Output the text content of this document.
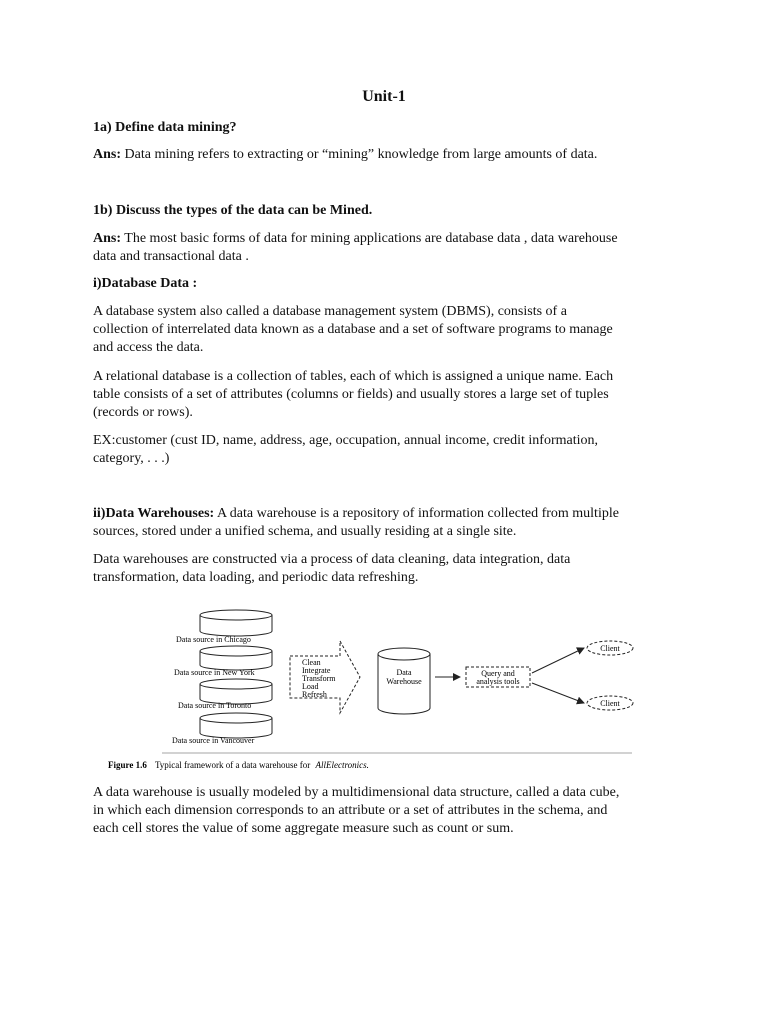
Unit-1
1a) Define data mining?
Ans: Data mining refers to extracting or “mining” knowledge from large amounts of data.
1b) Discuss the types of the data can be Mined.
Ans: The most basic forms of data for mining applications are database data , data warehouse
data and transactional data .
i)Database Data :
A database system also called a database management system (DBMS), consists of a
collection of interrelated data known as a database and a set of software programs to manage
and access the data.
A relational database is a collection of tables, each of which is assigned a unique name. Each
table consists of a set of attributes (columns or fields) and usually stores a large set of tuples
(records or rows).
EX:customer (cust ID, name, address, age, occupation, annual income, credit information,
category, . . .)
ii)Data Warehouses: A data warehouse is a repository of information collected from multiple
sources, stored under a unified schema, and usually residing at a single site.
Data warehouses are constructed via a process of data cleaning, data integration, data
transformation, data loading, and periodic data refreshing.
Data source in Chicago
Data source in New York
Data source in Toronto
Data source in Vancouver
Clean
Integrate
Transform
Load
Refresh
Data
Warehouse
Query and
analysis tools
Client
Client
Figure 1.6 Typical framework of a data warehouse for AllElectronics.
A data warehouse is usually modeled by a multidimensional data structure, called a data cube,
in which each dimension corresponds to an attribute or a set of attributes in the schema, and
each cell stores the value of some aggregate measure such as count or sum.
